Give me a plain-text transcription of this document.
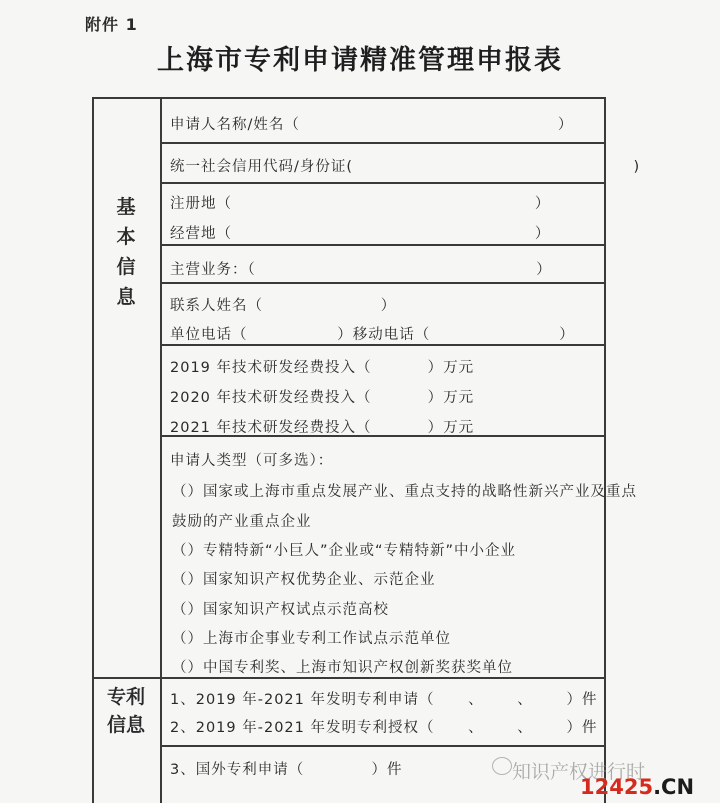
附件 1
上海市专利申请精准管理申报表
基
本
信
息
专利
信息
申请人名称/姓名（                                              ）
统一社会信用代码/身份证(                                                  )
注册地（                                                      ）
经营地（                                                      ）
主营业务：（                                                  ）
联系人姓名（                     ）
单位电话（                ）移动电话（                       ）
2019 年技术研发经费投入（          ）万元
2020 年技术研发经费投入（          ）万元
2021 年技术研发经费投入（          ）万元
申请人类型（可多选）：
（）国家或上海市重点发展产业、重点支持的战略性新兴产业及重点
鼓励的产业重点企业
（）专精特新“小巨人”企业或“专精特新”中小企业
（）国家知识产权优势企业、示范企业
（）国家知识产权试点示范高校
（）上海市企事业专利工作试点示范单位
（）中国专利奖、上海市知识产权创新奖获奖单位
1、2019 年-2021 年发明专利申请（      、      、      ）件
2、2019 年-2021 年发明专利授权（      、      、      ）件
3、国外专利申请（            ）件	知识产权进行时
12425.CN
